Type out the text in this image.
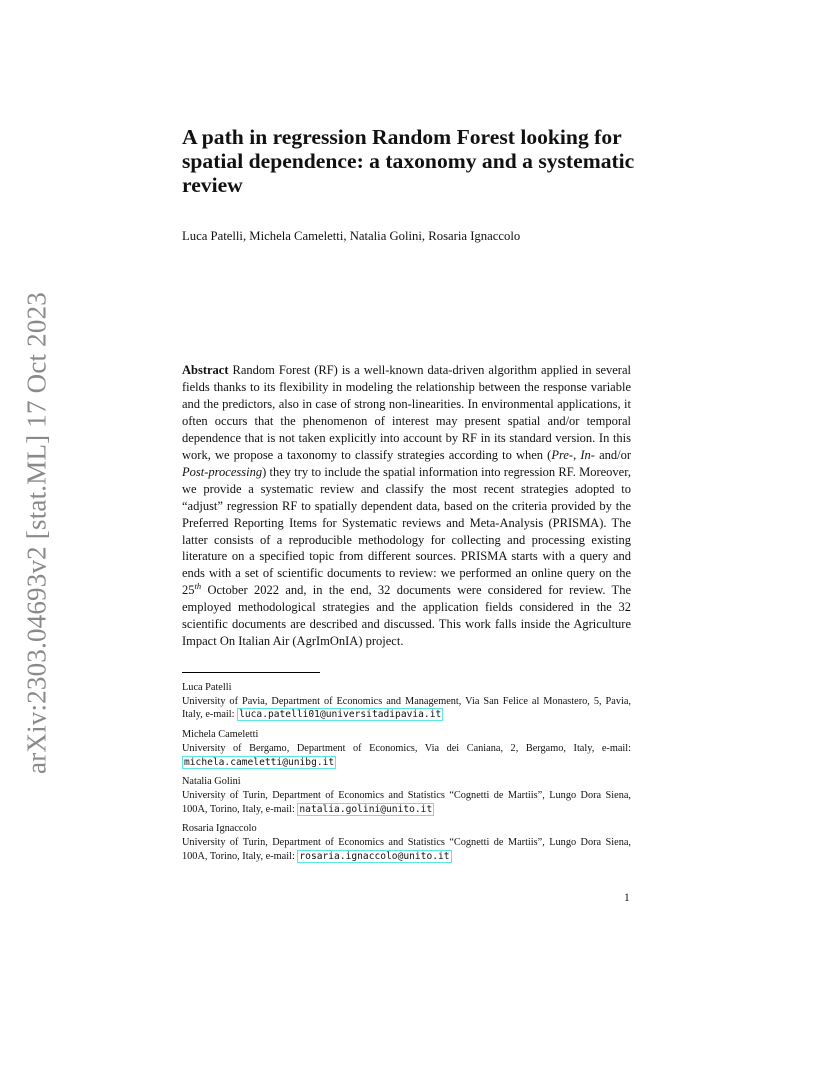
arXiv:2303.04693v2 [stat.ML] 17 Oct 2023
A path in regression Random Forest looking for spatial dependence: a taxonomy and a systematic review
Luca Patelli, Michela Cameletti, Natalia Golini, Rosaria Ignaccolo

Abstract Random Forest (RF) is a well-known data-driven algorithm applied in several fields thanks to its flexibility in modeling the relationship between the response variable and the predictors, also in case of strong non-linearities. In environmental applications, it often occurs that the phenomenon of interest may present spatial and/or temporal dependence that is not taken explicitly into account by RF in its standard version. In this work, we propose a taxonomy to classify strategies according to when (Pre-, In- and/or Post-processing) they try to include the spatial information into regression RF. Moreover, we provide a systematic review and classify the most recent strategies adopted to “adjust” regression RF to spatially dependent data, based on the criteria provided by the Preferred Reporting Items for Systematic reviews and Meta-Analysis (PRISMA). The latter consists of a reproducible methodology for collecting and processing existing literature on a specified topic from different sources. PRISMA starts with a query and ends with a set of scientific documents to review: we performed an online query on the 25th October 2022 and, in the end, 32 documents were considered for review. The employed methodological strategies and the application fields considered in the 32 scientific documents are described and discussed. This work falls inside the Agriculture Impact On Italian Air (AgrImOnIA) project.

Luca Patelli
University of Pavia, Department of Economics and Management, Via San Felice al Monastero, 5, Pavia, Italy, e-mail: luca.patelli01@universitadipavia.it
Michela Cameletti
University of Bergamo, Department of Economics, Via dei Caniana, 2, Bergamo, Italy, e-mail: michela.cameletti@unibg.it
Natalia Golini
University of Turin, Department of Economics and Statistics “Cognetti de Martiis”, Lungo Dora Siena, 100A, Torino, Italy, e-mail: natalia.golini@unito.it
Rosaria Ignaccolo
University of Turin, Department of Economics and Statistics “Cognetti de Martiis”, Lungo Dora Siena, 100A, Torino, Italy, e-mail: rosaria.ignaccolo@unito.it
1
